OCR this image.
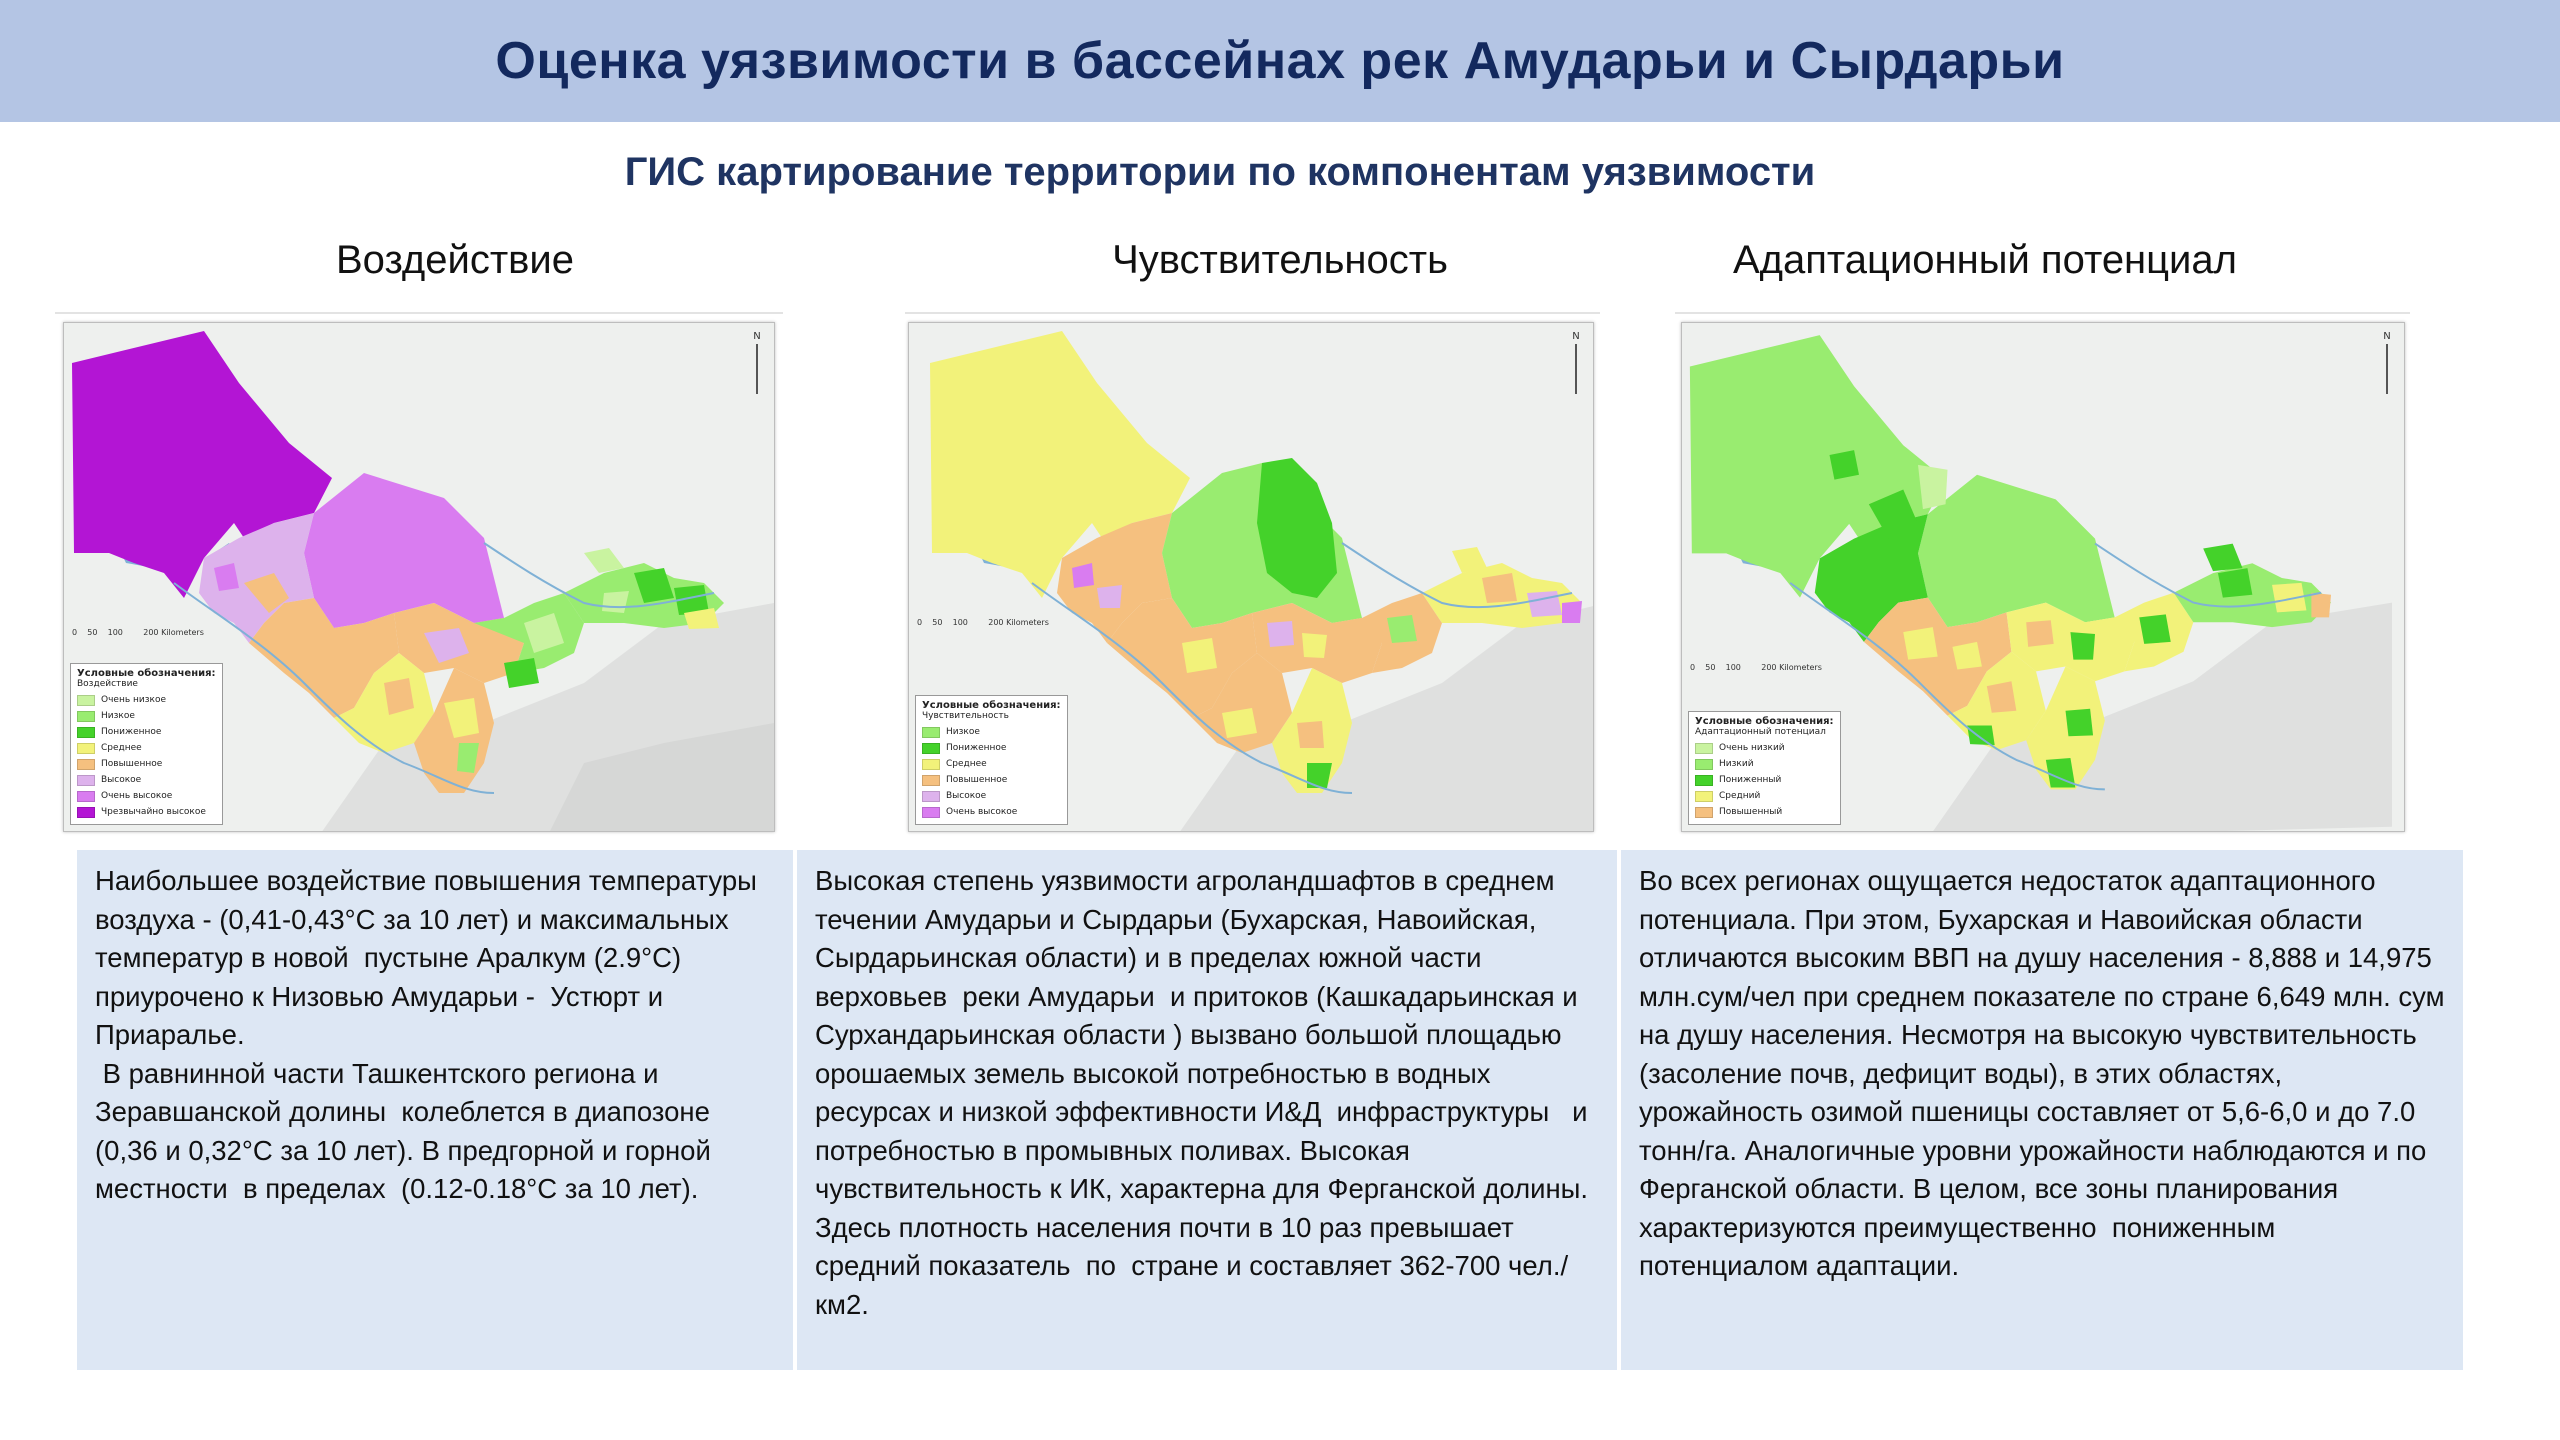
Оценка уязвимости в бассейнах рек Амударьи и Сырдарьи
ГИС картирование территории по компонентам уязвимости
Воздействие	Чувствительность	Адаптационный потенциал
N
0
50
100
	200 Kilometers
Условные обозначения:
Воздействие
Очень низкое
Низкое
Пониженное
Среднее
Повышенное
Высокое
Очень высокое
Чрезвычайно высокое
N
0
50
100
	200 Kilometers
Условные обозначения:
Чувствительность
Низкое
Пониженное
Среднее
Повышенное
Высокое
Очень высокое
N
0
50
100
	200 Kilometers
Условные обозначения:
Адаптационный потенциал
Очень низкий
Низкий
Пониженный
Средний
Повышенный

Наибольшее воздействие повышения температуры воздуха - (0,41-0,43°С за 10 лет) и максимальных температур в новой  пустыне Аралкум (2.9°С) приурочено к Низовью Амударьи -  Устюрт и Приаралье.
В равнинной части Ташкентского региона и Зеравшанской долины  колеблется в диапозоне (0,36 и 0,32°С за 10 лет). В предгорной и горной местности  в пределах  (0.12-0.18°С за 10 лет).

Высокая степень уязвимости агроландшафтов в среднем течении Амударьи и Сырдарьи (Бухарская, Навоийская, Сырдарьинская области) и в пределах южной части верховьев  реки Амударьи  и притоков (Кашкадарьинская и Сурхандарьинская области ) вызвано большой площадью орошаемых земель высокой потребностью в водных ресурсах и низкой эффективности И&Д  инфраструктуры   и потребностью в промывных поливах. Высокая чувствительность к ИК, характерна для Ферганской долины.  Здесь плотность населения почти в 10 раз превышает  средний показатель  по  стране и составляет 362-700 чел./км2.

Во всех регионах ощущается недостаток адаптационного потенциала. При этом, Бухарская и Навоийская области отличаются высоким ВВП на душу населения - 8,888 и 14,975 млн.сум/чел при среднем показателе по стране 6,649 млн. сум на душу населения. Несмотря на высокую чувствительность  (засоление почв, дефицит воды), в этих областях, урожайность озимой пшеницы составляет от 5,6-6,0 и до 7.0  тонн/га. Аналогичные уровни урожайности наблюдаются и по Ферганской области. В целом, все зоны планирования характеризуются преимущественно  пониженным потенциалом адаптации.
